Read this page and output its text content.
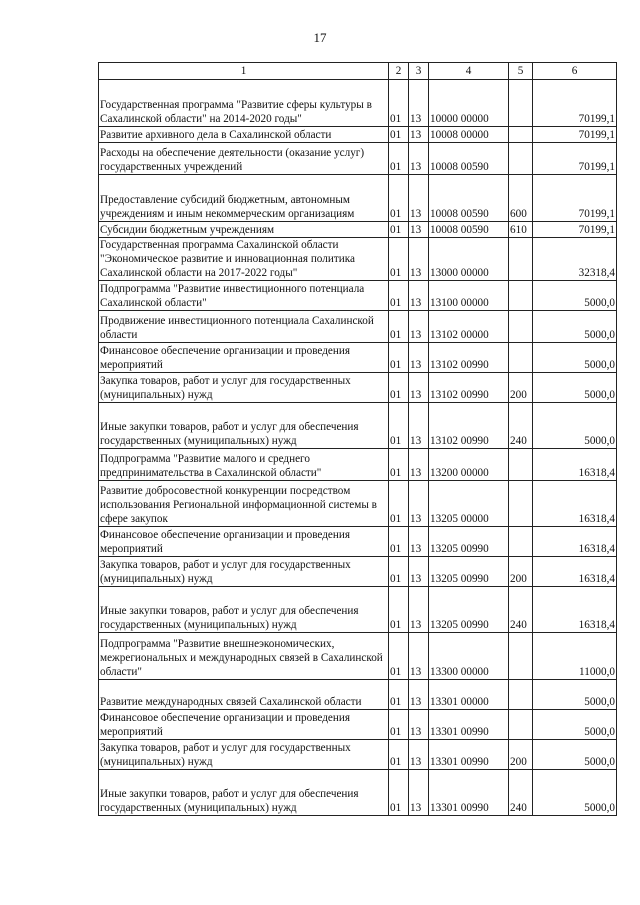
17
1	2	3	4	5	6
Государственная программа "Развитие сферы культуры в Сахалинской области" на 2014-2020 годы"	01	13	10000 00000		70199,1
Развитие архивного дела в Сахалинской области	01	13	10008 00000		70199,1
Расходы на обеспечение деятельности (оказание услуг) государственных учреждений	01	13	10008 00590		70199,1
Предоставление субсидий бюджетным, автономным учреждениям и иным некоммерческим организациям	01	13	10008 00590	600	70199,1
Субсидии бюджетным учреждениям	01	13	10008 00590	610	70199,1
Государственная программа Сахалинской области "Экономическое развитие и инновационная политика Сахалинской области на 2017-2022 годы"	01	13	13000 00000		32318,4
Подпрограмма "Развитие инвестиционного потенциала Сахалинской области"	01	13	13100 00000		5000,0
Продвижение инвестиционного потенциала Сахалинской области	01	13	13102 00000		5000,0
Финансовое обеспечение организации и проведения мероприятий	01	13	13102 00990		5000,0
Закупка товаров, работ и услуг для государственных (муниципальных) нужд	01	13	13102 00990	200	5000,0
Иные закупки товаров, работ и услуг для обеспечения государственных (муниципальных) нужд	01	13	13102 00990	240	5000,0
Подпрограмма "Развитие малого и среднего предпринимательства в Сахалинской области"	01	13	13200 00000		16318,4
Развитие добросовестной конкуренции посредством использования Региональной информационной системы в сфере закупок	01	13	13205 00000		16318,4
Финансовое обеспечение организации и проведения мероприятий	01	13	13205 00990		16318,4
Закупка товаров, работ и услуг для государственных (муниципальных) нужд	01	13	13205 00990	200	16318,4
Иные закупки товаров, работ и услуг для обеспечения государственных (муниципальных) нужд	01	13	13205 00990	240	16318,4
Подпрограмма "Развитие внешнеэкономических, межрегиональных и международных связей в Сахалинской области"	01	13	13300 00000		11000,0
Развитие международных связей Сахалинской области	01	13	13301 00000		5000,0
Финансовое обеспечение организации и проведения мероприятий	01	13	13301 00990		5000,0
Закупка товаров, работ и услуг для государственных (муниципальных) нужд	01	13	13301 00990	200	5000,0
Иные закупки товаров, работ и услуг для обеспечения государственных (муниципальных) нужд	01	13	13301 00990	240	5000,0
